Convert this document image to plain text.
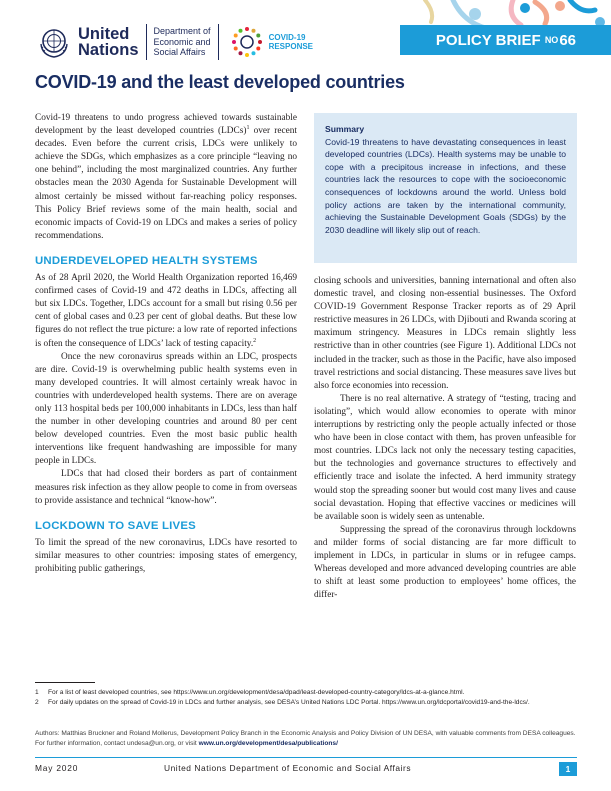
United
Nations
Department of
Economic and
Social Affairs
COVID-19
RESPONSE	POLICY BRIEF
NO 66
COVID-19 and the least developed countries

Covid-19 threatens to undo progress achieved towards sustainable development by the least developed countries (LDCs)$^1$ over recent decades. Even before the current crisis, LDCs were unlikely to achieve the SDGs, which emphasizes as a core principle “leaving no one behind”, including the most marginalized countries. Any further obstacles mean the 2030 Agenda for Sustainable Development will almost certainly be missed without far-reaching policy responses. This Policy Brief reviews some of the main health, social and economic impacts of Covid-19 on LDCs and makes a series of policy recommendations.

UNDERDEVELOPED HEALTH SYSTEMS

As of 28 April 2020, the World Health Organization reported 16,469 confirmed cases of Covid-19 and 472 deaths in LDCs, affecting all but six LDCs. Together, LDCs account for a small but rising 0.56 per cent of global cases and 0.23 per cent of global deaths. But these low figures do not reflect the true picture: a low rate of reported infections is often the consequence of LDCs’ lack of testing capacity.$^2$

Once the new coronavirus spreads within an LDC, prospects are dire. Covid-19 is overwhelming public health systems even in many developed countries. It will almost certainly wreak havoc in countries with underdeveloped health systems. There are on average only 113 hospital beds per 100,000 inhabitants in LDCs, less than half the number in other developing countries and around 80 per cent below developed countries. Even the most basic public health interventions like frequent handwashing are impossible for many people in LDCs.

LDCs that had closed their borders as part of containment measures risk infection as they allow people to come in from overseas to provide assistance and technical “know-how”.

LOCKDOWN TO SAVE LIVES

To limit the spread of the new coronavirus, LDCs have resorted to similar measures to other countries: imposing states of emergency, prohibiting public gatherings,

Summary
Covid-19 threatens to have devastating consequences in least developed countries (LDCs). Health systems may be unable to cope with a precipitous increase in infections, and these countries lack the resources to cope with the socioeconomic consequences of lockdowns around the world. Unless bold policy actions are taken by the international community, achieving the Sustainable Development Goals (SDGs) by the 2030 deadline will likely slip out of reach.

closing schools and universities, banning international and often also domestic travel, and closing non-essential businesses. The Oxford COVID-19 Government Response Tracker reports as of 29 April restrictive measures in 26 LDCs, with Djibouti and Rwanda scoring at maximum stringency. Measures in LDCs remain slightly less restrictive than in other countries (see Figure 1). Additional LDCs not included in the tracker, such as those in the Pacific, have also imposed travel restrictions and social distancing. These measures save lives but also force economies into recession.

There is no real alternative. A strategy of “testing, tracing and isolating”, which would allow economies to operate with minor interruptions by restricting only the people actually infected or those who have been in close contact with them, has proven unfeasible for most countries. LDCs lack not only the necessary testing capacities, but the technologies and governance structures to effectively and efficiently trace and isolate the infected. A herd immunity strategy would stop the spreading sooner but would cost many lives and cause social devastation. Hoping that effective vaccines or medicines will be available soon is widely seen as untenable.

Suppressing the spread of the coronavirus through lockdowns and milder forms of social distancing are far more difficult to implement in LDCs, in particular in slums or in refugee camps. Whereas developed and more advanced developing countries are able to shift at least some production to employees’ home offices, the differ-

1	For a list of least developed countries, see https://www.un.org/development/desa/dpad/least-developed-country-category/ldcs-at-a-glance.html.
2	For daily updates on the spread of Covid-19 in LDCs and further analysis, see DESA’s United Nations LDC Portal. https://www.un.org/ldcportal/covid19-and-the-ldcs/.
Authors: Matthias Bruckner and Roland Mollerus, Development Policy Branch in the Economic Analysis and Policy Division of UN DESA, with valuable comments from DESA colleagues.
For further information, contact undesa@un.org, or visit www.un.org/development/desa/publications/
May 2020	United Nations Department of Economic and Social Affairs	1
